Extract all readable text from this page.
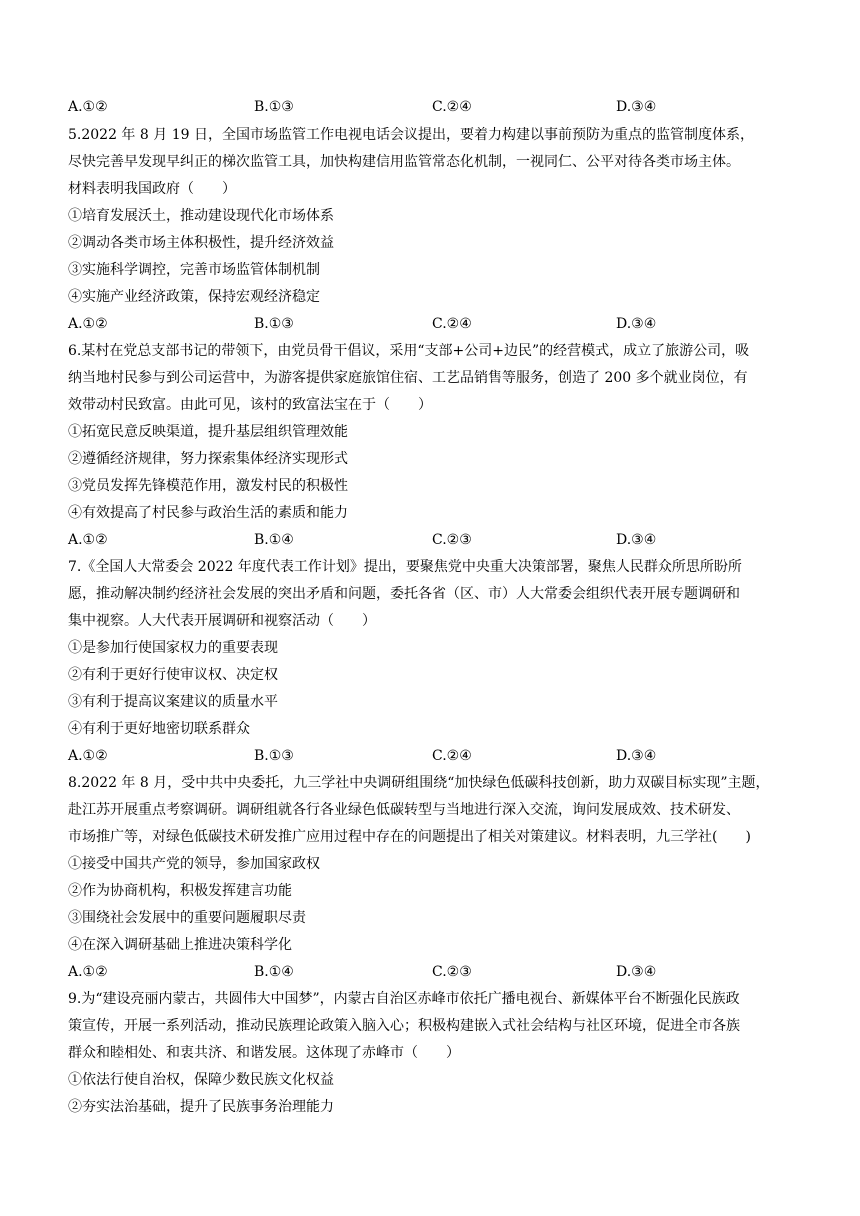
A.①②	B.①③	C.②④	D.③④
5.2022 年 8 月 19 日，全国市场监管工作电视电话会议提出，要着力构建以事前预防为重点的监管制度体系，
尽快完善早发现早纠正的梯次监管工具，加快构建信用监管常态化机制，一视同仁、公平对待各类市场主体。
材料表明我国政府（　　）
①培育发展沃土，推动建设现代化市场体系
②调动各类市场主体积极性，提升经济效益
③实施科学调控，完善市场监管体制机制
④实施产业经济政策，保持宏观经济稳定
A.①②	B.①③	C.②④	D.③④
6.某村在党总支部书记的带领下，由党员骨干倡议，采用“支部+公司+边民”的经营模式，成立了旅游公司，吸
纳当地村民参与到公司运营中，为游客提供家庭旅馆住宿、工艺品销售等服务，创造了 200 多个就业岗位，有
效带动村民致富。由此可见，该村的致富法宝在于（　　）
①拓宽民意反映渠道，提升基层组织管理效能
②遵循经济规律，努力探索集体经济实现形式
③党员发挥先锋模范作用，激发村民的积极性
④有效提高了村民参与政治生活的素质和能力
A.①②	B.①④	C.②③	D.③④
7.《全国人大常委会 2022 年度代表工作计划》提出，要聚焦党中央重大决策部署，聚焦人民群众所思所盼所
愿，推动解决制约经济社会发展的突出矛盾和问题，委托各省（区、市）人大常委会组织代表开展专题调研和
集中视察。人大代表开展调研和视察活动（　　）
①是参加行使国家权力的重要表现
②有利于更好行使审议权、决定权
③有利于提高议案建议的质量水平
④有利于更好地密切联系群众
A.①②	B.①③	C.②④	D.③④
8.2022 年 8 月，受中共中央委托，九三学社中央调研组围绕“加快绿色低碳科技创新，助力双碳目标实现”主题，
赴江苏开展重点考察调研。调研组就各行各业绿色低碳转型与当地进行深入交流，询问发展成效、技术研发、
市场推广等，对绿色低碳技术研发推广应用过程中存在的问题提出了相关对策建议。材料表明，九三学社(　　)
①接受中国共产党的领导，参加国家政权
②作为协商机构，积极发挥建言功能
③围绕社会发展中的重要问题履职尽责
④在深入调研基础上推进决策科学化
A.①②	B.①④	C.②③	D.③④
9.为“建设亮丽内蒙古，共圆伟大中国梦”，内蒙古自治区赤峰市依托广播电视台、新媒体平台不断强化民族政
策宣传，开展一系列活动，推动民族理论政策入脑入心；积极构建嵌入式社会结构与社区环境，促进全市各族
群众和睦相处、和衷共济、和谐发展。这体现了赤峰市（　　）
①依法行使自治权，保障少数民族文化权益
②夯实法治基础，提升了民族事务治理能力
